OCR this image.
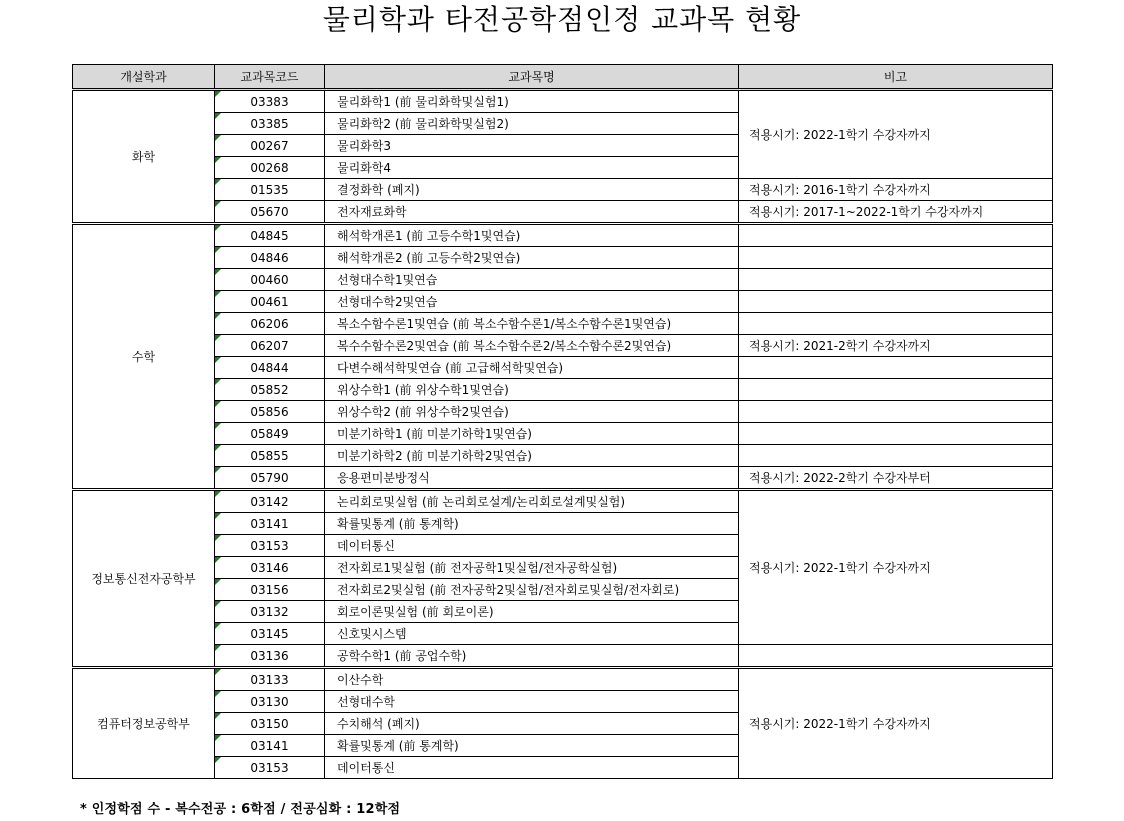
물리학과 타전공학점인정 교과목 현황
개설학과	교과목코드	교과목명	비고
화학	03383	물리화학1 (前 물리화학및실험1)	적용시기: 2022-1학기 수강자까지
	03385	물리화학2 (前 물리화학및실험2)	
	00267	물리화학3	
	00268	물리화학4	
	01535	결정화학 (폐지)	적용시기: 2016-1학기 수강자까지
	05670	전자재료화학	적용시기: 2017-1~2022-1학기 수강자까지
수학	04845	해석학개론1 (前 고등수학1및연습)	
	04846	해석학개론2 (前 고등수학2및연습)	
	00460	선형대수학1및연습	
	00461	선형대수학2및연습	
	06206	복소수함수론1및연습 (前 복소수함수론1/복소수함수론1및연습)	
	06207	복수수함수론2및연습 (前 복소수함수론2/복소수함수론2및연습)	적용시기: 2021-2학기 수강자까지
	04844	다변수해석학및연습 (前 고급해석학및연습)	
	05852	위상수학1 (前 위상수학1및연습)	
	05856	위상수학2 (前 위상수학2및연습)	
	05849	미분기하학1 (前 미분기하학1및연습)	
	05855	미분기하학2 (前 미분기하학2및연습)	
	05790	응용편미분방정식	적용시기: 2022-2학기 수강자부터
정보통신전자공학부	03142	논리회로및실험 (前 논리회로설계/논리회로설계및실험)	적용시기: 2022-1학기 수강자까지
	03141	확률및통계 (前 통계학)	
	03153	데이터통신	
	03146	전자회로1및실험 (前 전자공학1및실험/전자공학실험)	
	03156	전자회로2및실험 (前 전자공학2및실험/전자회로및실험/전자회로)	
	03132	회로이론및실험 (前 회로이론)	
	03145	신호및시스템	
	03136	공학수학1 (前 공업수학)	
컴퓨터정보공학부	03133	이산수학	적용시기: 2022-1학기 수강자까지
	03130	선형대수학	
	03150	수치해석 (폐지)	
	03141	확률및통계 (前 통계학)	
	03153	데이터통신	
* 인정학점 수 - 복수전공 : 6학점 / 전공심화 : 12학점
